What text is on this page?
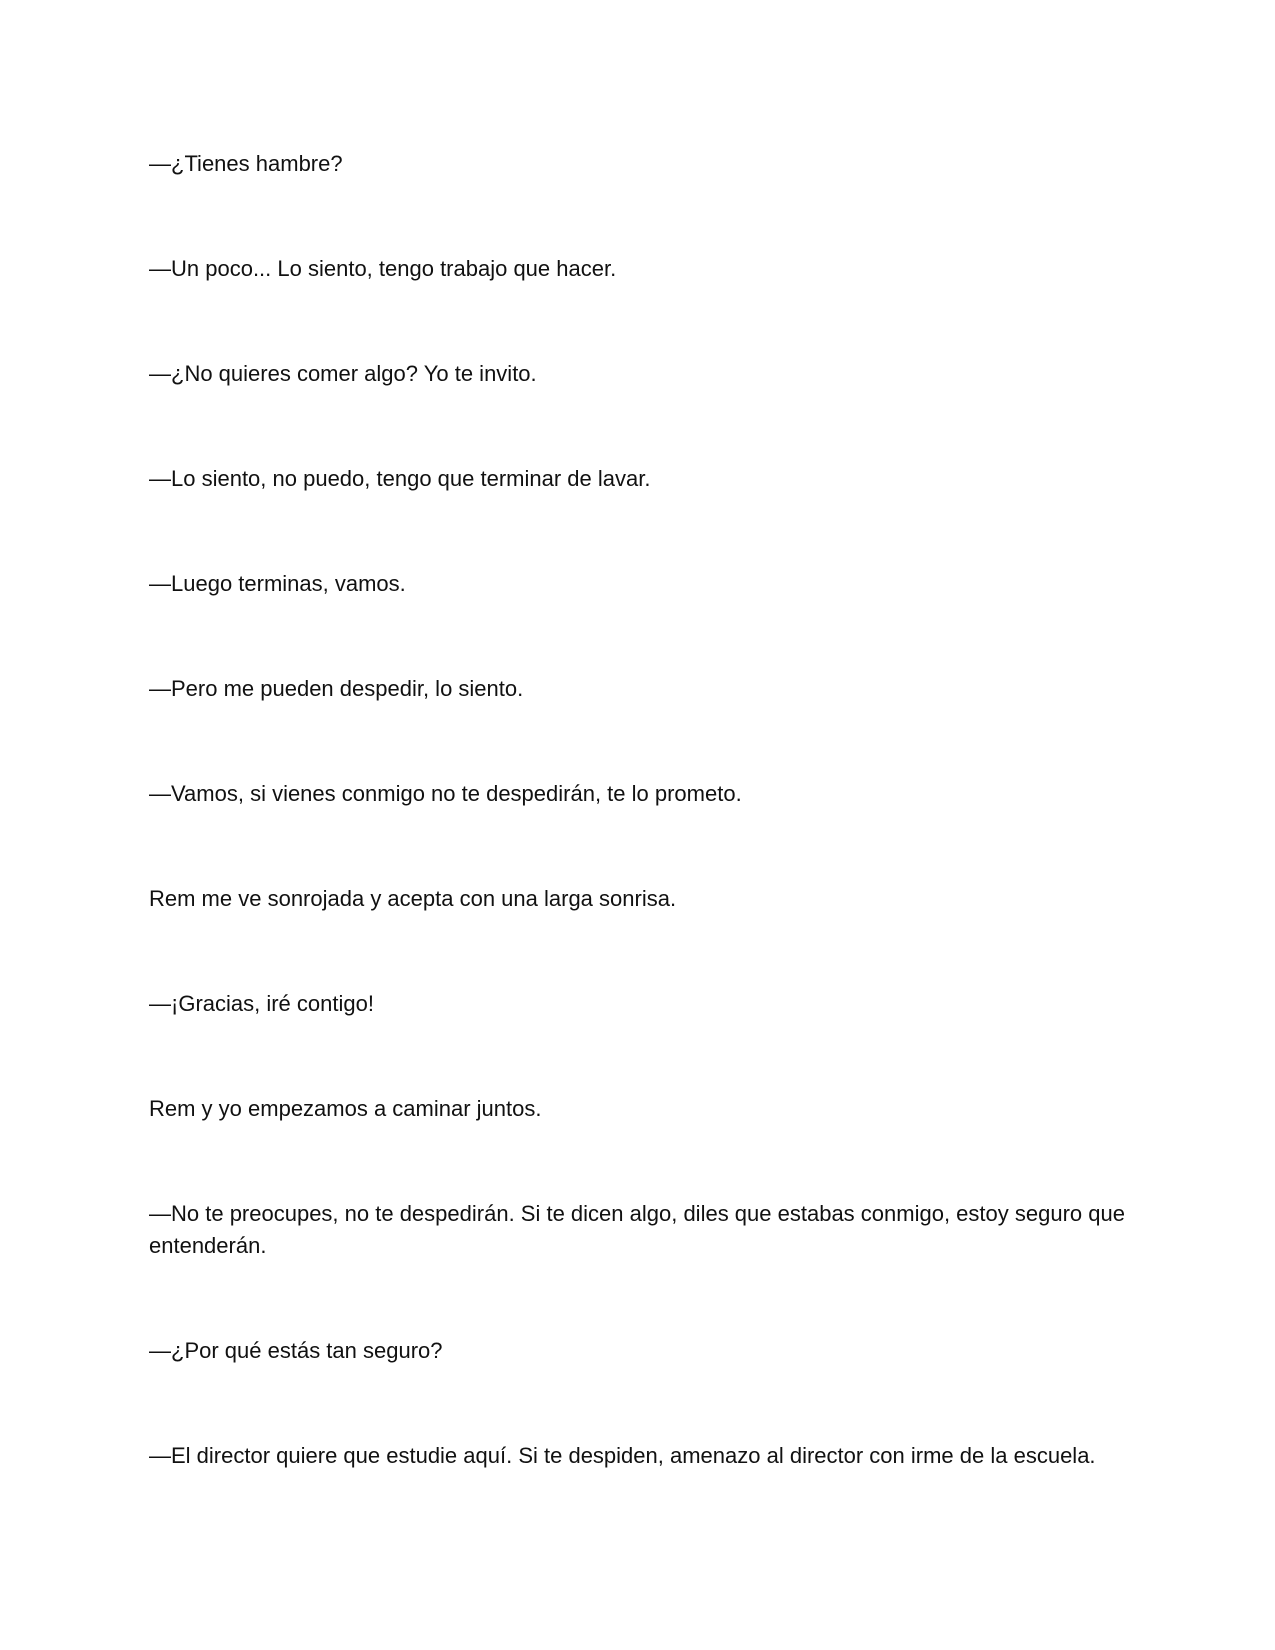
—¿Tienes hambre?

—Un poco... Lo siento, tengo trabajo que hacer.

—¿No quieres comer algo? Yo te invito.

—Lo siento, no puedo, tengo que terminar de lavar.

—Luego terminas, vamos.

—Pero me pueden despedir, lo siento.

—Vamos, si vienes conmigo no te despedirán, te lo prometo.

Rem me ve sonrojada y acepta con una larga sonrisa.

—¡Gracias, iré contigo!

Rem y yo empezamos a caminar juntos.

—No te preocupes, no te despedirán. Si te dicen algo, diles que estabas conmigo, estoy seguro que entenderán.

—¿Por qué estás tan seguro?

—El director quiere que estudie aquí. Si te despiden, amenazo al director con irme de la escuela.
